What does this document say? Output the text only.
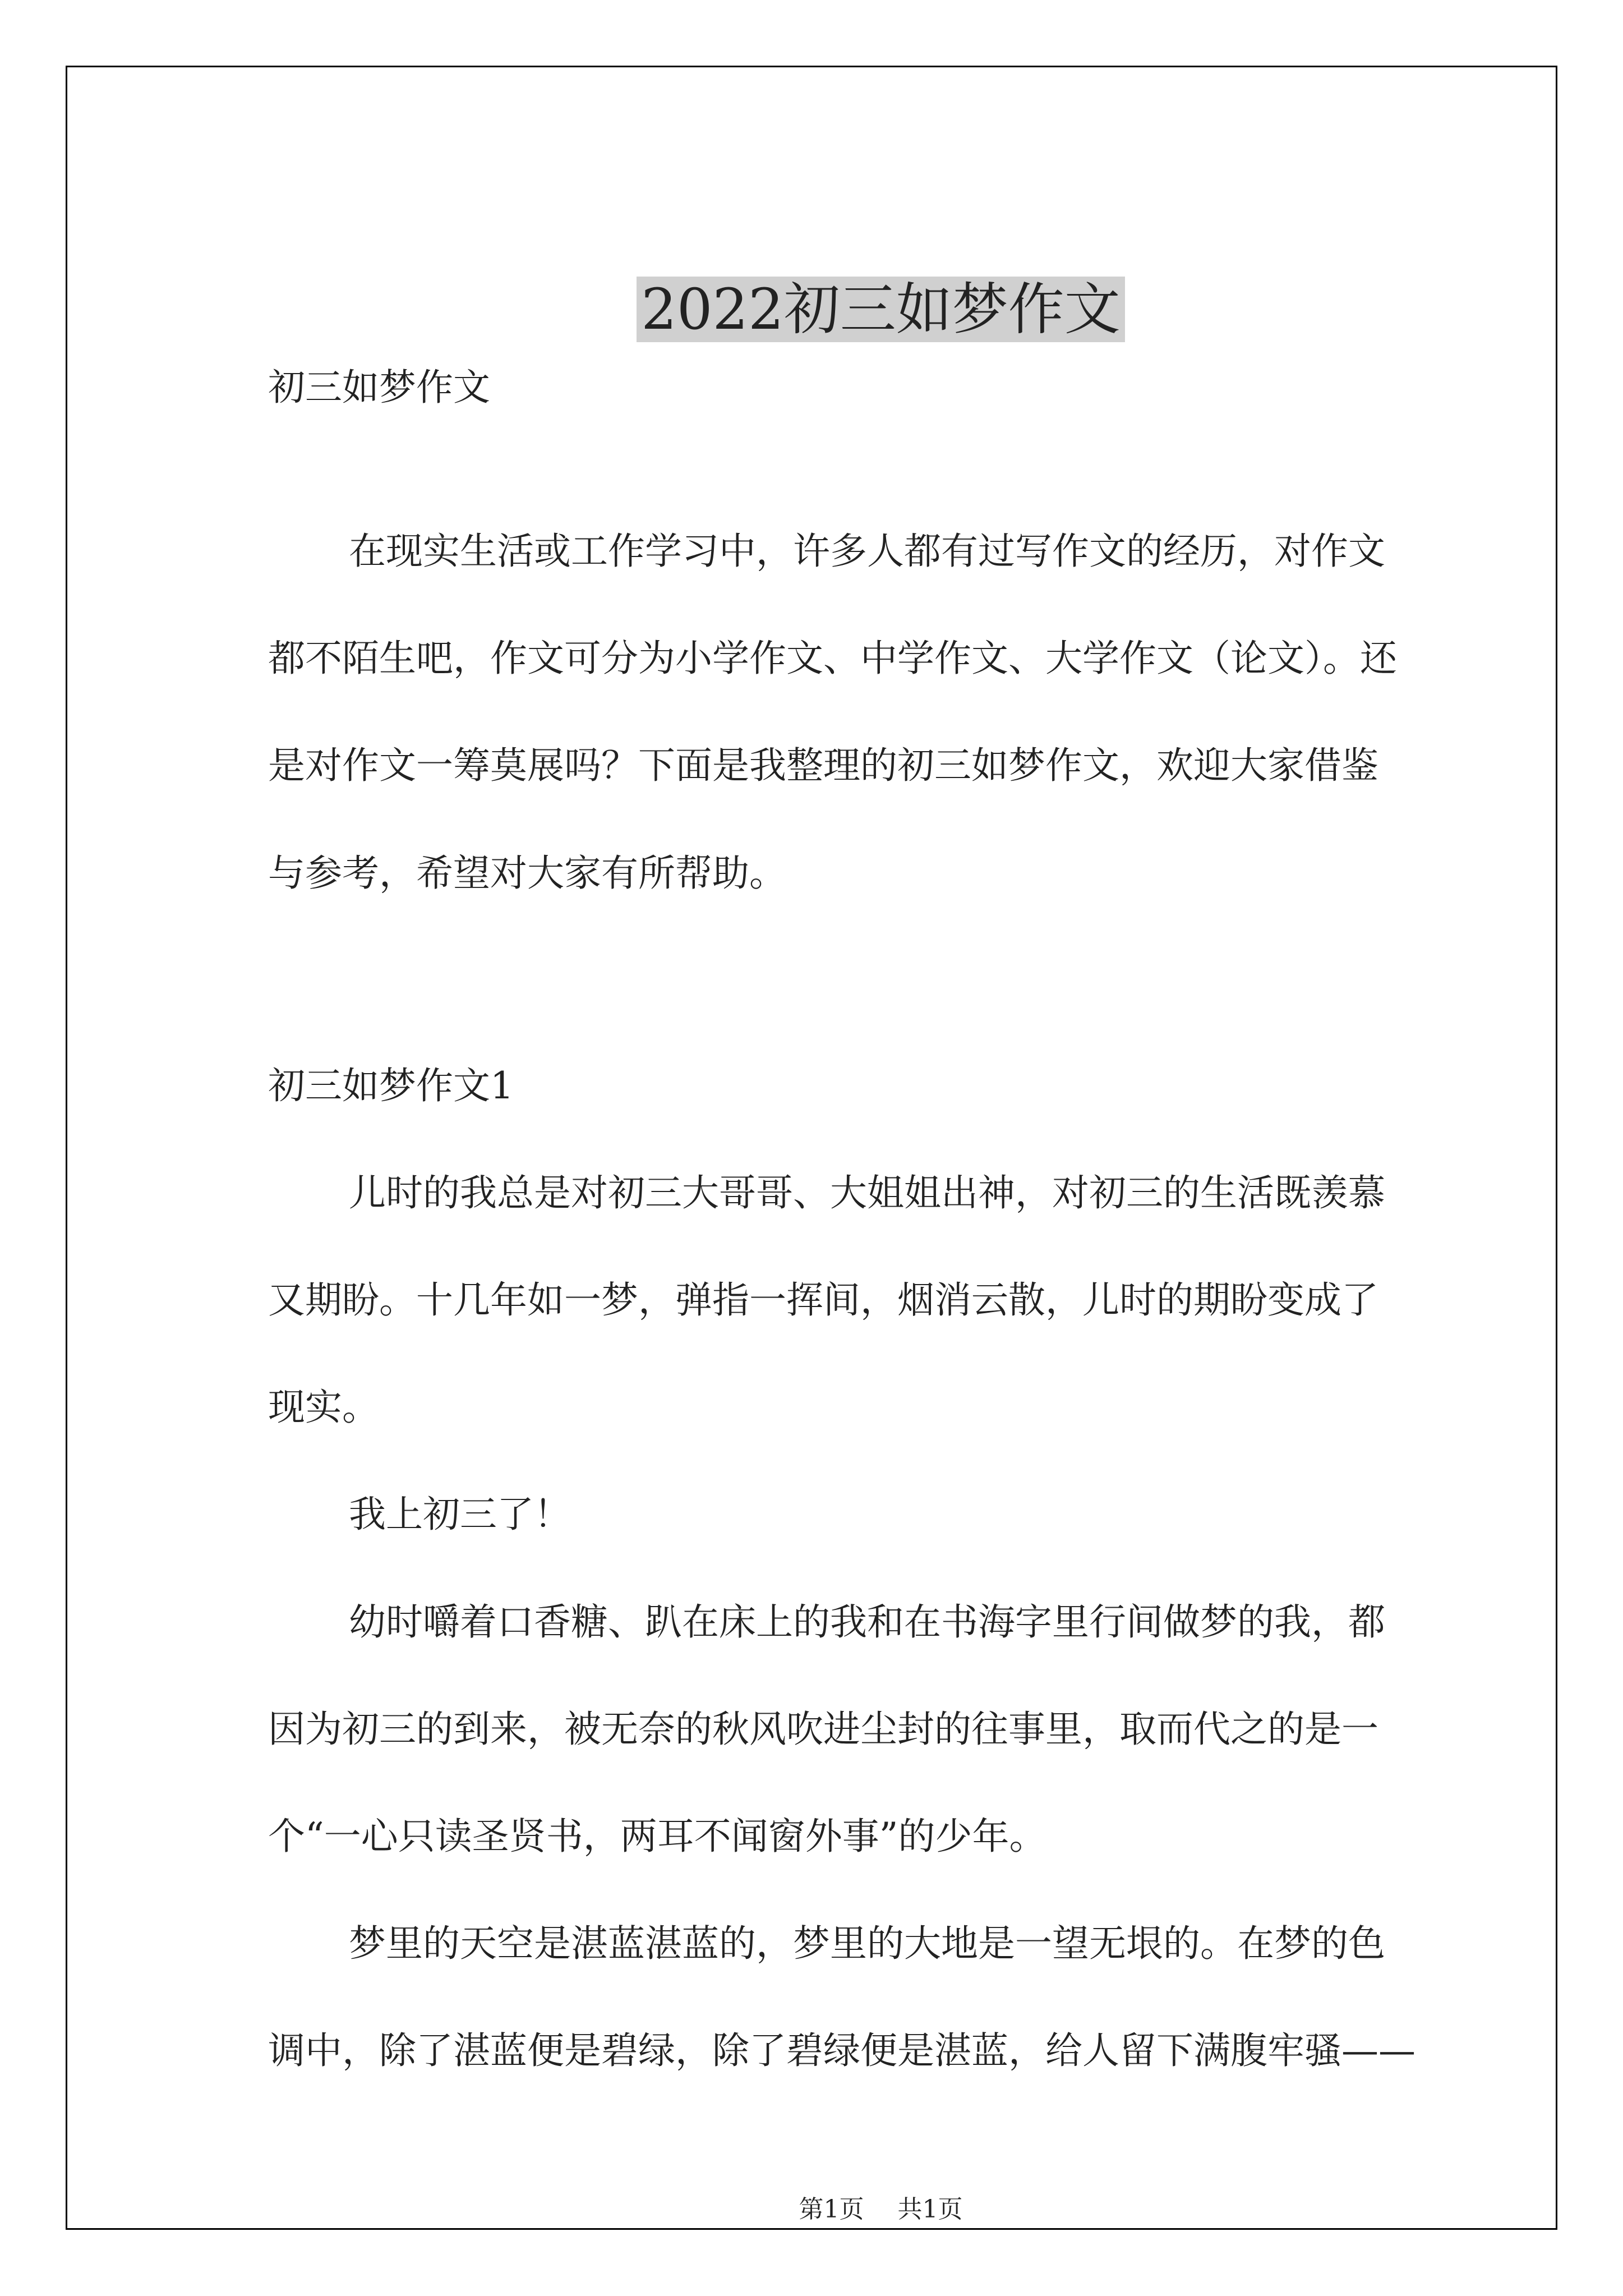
2022初三如梦作文
初三如梦作文
在现实生活或工作学习中，许多人都有过写作文的经历，对作文
都不陌生吧，作文可分为小学作文、中学作文、大学作文（论文）。还
是对作文一筹莫展吗？下面是我整理的初三如梦作文，欢迎大家借鉴
与参考，希望对大家有所帮助。
初三如梦作文1
儿时的我总是对初三大哥哥、大姐姐出神，对初三的生活既羡慕
又期盼。十几年如一梦，弹指一挥间，烟消云散，儿时的期盼变成了
现实。
我上初三了！
幼时嚼着口香糖、趴在床上的我和在书海字里行间做梦的我，都
因为初三的到来，被无奈的秋风吹进尘封的往事里，取而代之的是一
个“一心只读圣贤书，两耳不闻窗外事”的少年。
梦里的天空是湛蓝湛蓝的，梦里的大地是一望无垠的。在梦的色
调中，除了湛蓝便是碧绿，除了碧绿便是湛蓝，给人留下满腹牢骚——
第1页 共1页
